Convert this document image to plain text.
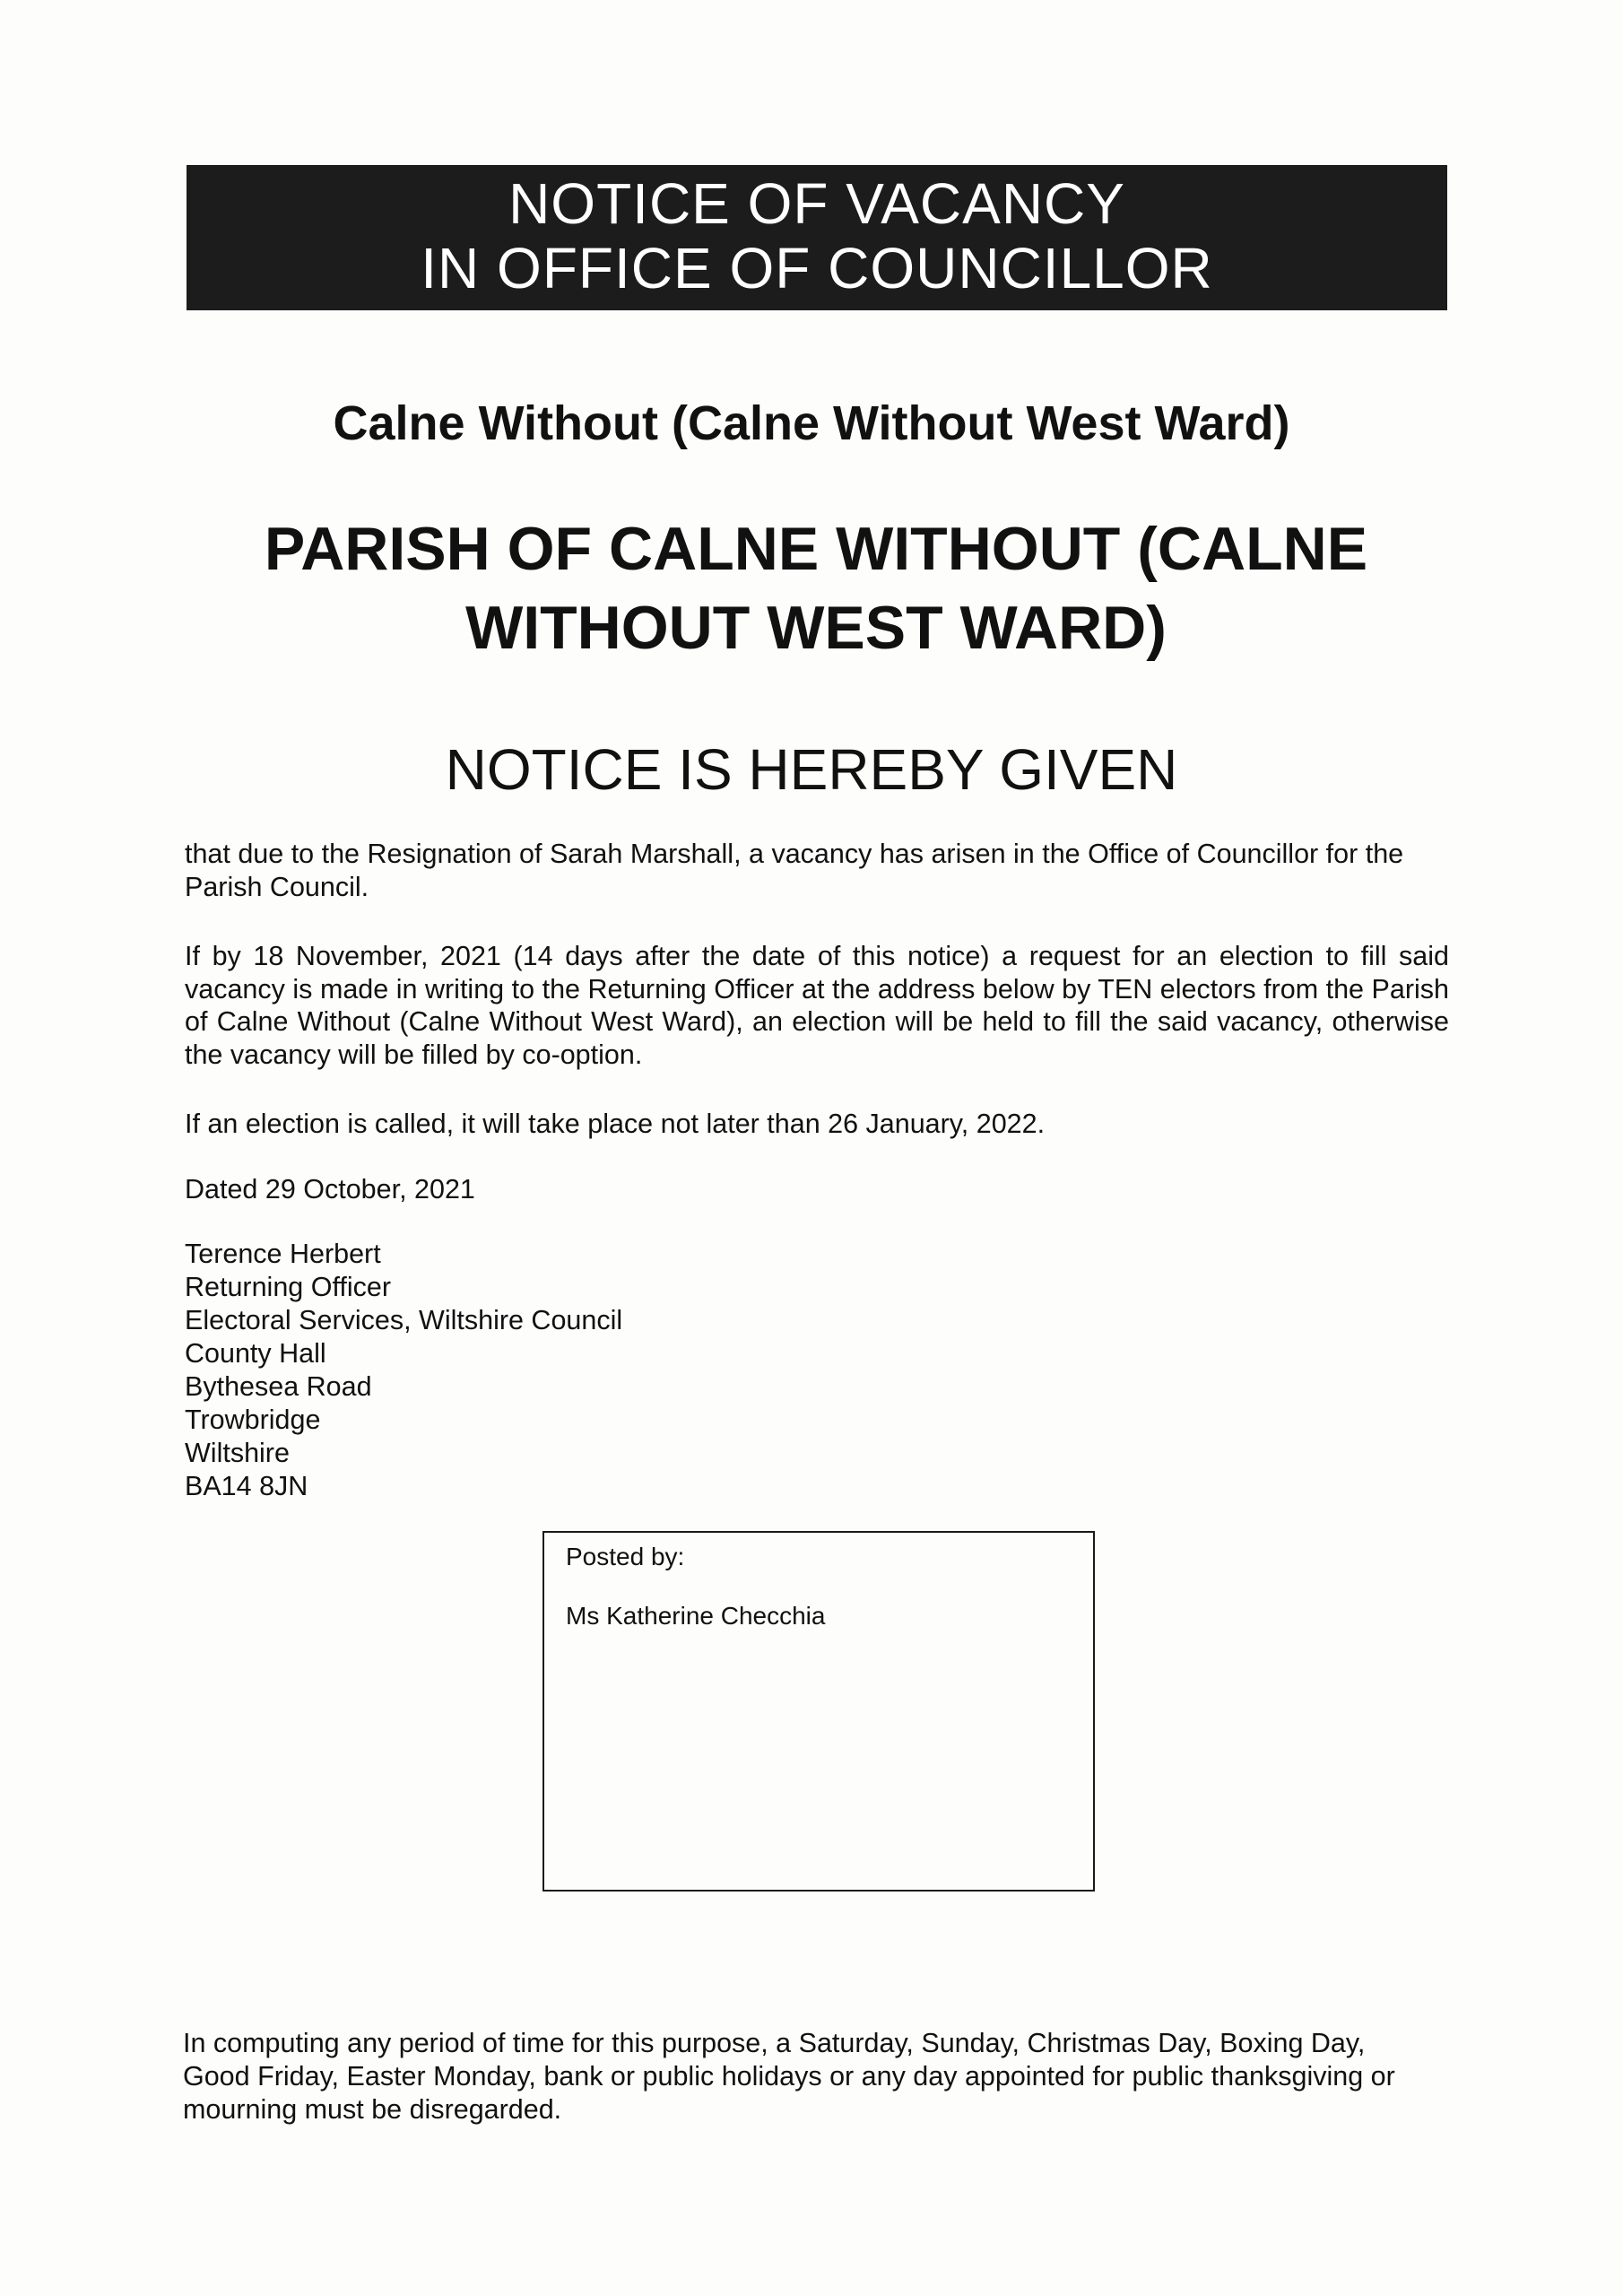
NOTICE OF VACANCY
IN OFFICE OF COUNCILLOR
Calne Without (Calne Without West Ward)
PARISH OF CALNE WITHOUT (CALNE
WITHOUT WEST WARD)
NOTICE IS HEREBY GIVEN

that due to the Resignation of Sarah Marshall, a vacancy has arisen in the Office of Councillor for the Parish Council.

If by 18 November, 2021 (14 days after the date of this notice) a request for an election to fill said vacancy is made in writing to the Returning Officer at the address below by TEN electors from the Parish of Calne Without (Calne Without West Ward), an election will be held to fill the said vacancy, otherwise the vacancy will be filled by co-option.

If an election is called, it will take place not later than 26 January, 2022.

Dated 29 October, 2021

Terence Herbert
Returning Officer
Electoral Services, Wiltshire Council
County Hall
Bythesea Road
Trowbridge
Wiltshire
BA14 8JN
Posted by:
Ms Katherine Checchia

In computing any period of time for this purpose, a Saturday, Sunday, Christmas Day, Boxing Day, Good Friday, Easter Monday, bank or public holidays or any day appointed for public thanksgiving or mourning must be disregarded.
